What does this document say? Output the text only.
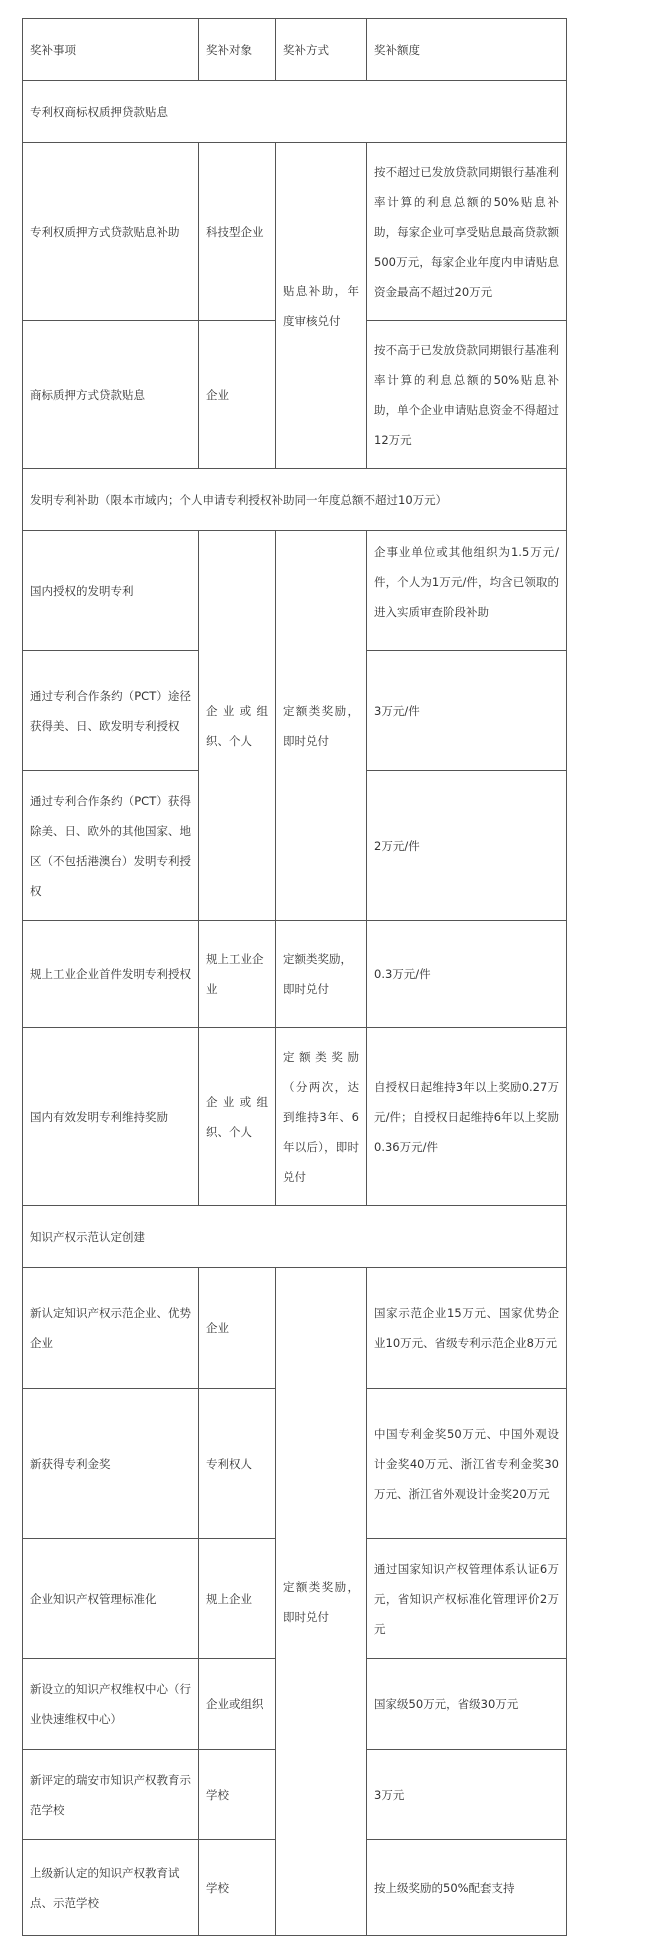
奖补事项	奖补对象	奖补方式	奖补额度
专利权商标权质押贷款贴息			
专利权质押方式贷款贴息补助	科技型企业	贴息补助，年度审核兑付	按不超过已发放贷款同期银行基准利率计算的利息总额的50%贴息补助，每家企业可享受贴息最高贷款额500万元，每家企业年度内申请贴息资金最高不超过20万元
商标质押方式贷款贴息	企业		按不高于已发放贷款同期银行基准利率计算的利息总额的50%贴息补助，单个企业申请贴息资金不得超过12万元
发明专利补助（限本市域内；个人申请专利授权补助同一年度总额不超过10万元）			
国内授权的发明专利	企业或组织、个人	定额类奖励，即时兑付	企事业单位或其他组织为1.5万元/件，个人为1万元/件，均含已领取的进入实质审查阶段补助
通过专利合作条约（PCT）途径获得美、日、欧发明专利授权			3万元/件
通过专利合作条约（PCT）获得除美、日、欧外的其他国家、地区（不包括港澳台）发明专利授权			2万元/件
规上工业企业首件发明专利授权	规上工业企业	定额类奖励，即时兑付	0.3万元/件
国内有效发明专利维持奖励	企业或组织、个人	定额类奖励（分两次，达到维持3年、6年以后），即时兑付	自授权日起维持3年以上奖励0.27万元/件；自授权日起维持6年以上奖励0.36万元/件
知识产权示范认定创建			
新认定知识产权示范企业、优势企业	企业	定额类奖励，即时兑付	国家示范企业15万元、国家优势企业10万元、省级专利示范企业8万元
新获得专利金奖	专利权人		中国专利金奖50万元、中国外观设计金奖40万元、浙江省专利金奖30万元、浙江省外观设计金奖20万元
企业知识产权管理标准化	规上企业		通过国家知识产权管理体系认证6万元，省知识产权标准化管理评价2万元
新设立的知识产权维权中心（行业快速维权中心）	企业或组织		国家级50万元，省级30万元
新评定的瑞安市知识产权教育示范学校	学校		3万元
上级新认定的知识产权教育试点、示范学校	学校		按上级奖励的50%配套支持
